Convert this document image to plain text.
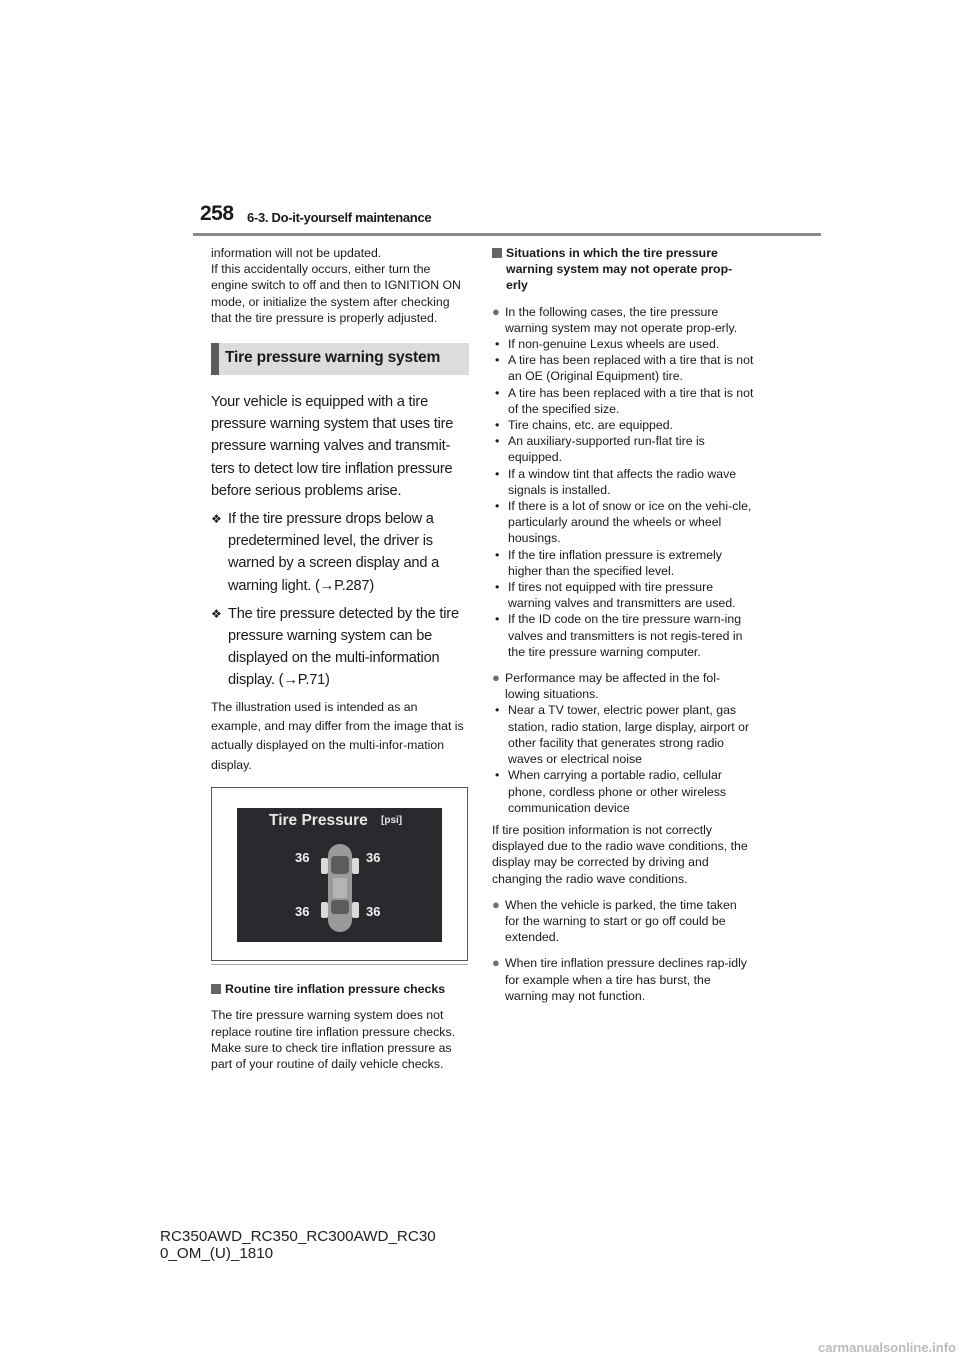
258 6-3. Do-it-yourself maintenance

information will not be updated.

If this accidentally occurs, either turn the engine switch to off and then to IGNITION ON mode, or initialize the system after checking that the tire pressure is properly adjusted.

Tire pressure warning system

Your vehicle is equipped with a tire pressure warning system that uses tire pressure warning valves and transmit-ters to detect low tire inflation pressure before serious problems arise.

❖ If the tire pressure drops below a predetermined level, the driver is warned by a screen display and a warning light. (→P.287)
❖ The tire pressure detected by the tire pressure warning system can be displayed on the multi-information display. (→P.71)

The illustration used is intended as an example, and may differ from the image that is actually displayed on the multi-infor-mation display.

Tire Pressure [psi]
36	36
36	36
Routine tire inflation pressure checks

The tire pressure warning system does not replace routine tire inflation pressure checks. Make sure to check tire inflation pressure as part of your routine of daily vehicle checks.

Situations in which the tire pressure warning system may not operate prop-erly
● In the following cases, the tire pressure warning system may not operate prop-erly.
• If non-genuine Lexus wheels are used.
• A tire has been replaced with a tire that is not an OE (Original Equipment) tire.
• A tire has been replaced with a tire that is not of the specified size.
• Tire chains, etc. are equipped.
• An auxiliary-supported run-flat tire is equipped.
• If a window tint that affects the radio wave signals is installed.
• If there is a lot of snow or ice on the vehi-cle, particularly around the wheels or wheel housings.
• If the tire inflation pressure is extremely higher than the specified level.
• If tires not equipped with tire pressure warning valves and transmitters are used.
• If the ID code on the tire pressure warn-ing valves and transmitters is not regis-tered in the tire pressure warning computer.
● Performance may be affected in the fol-lowing situations.
• Near a TV tower, electric power plant, gas station, radio station, large display, airport or other facility that generates strong radio waves or electrical noise
• When carrying a portable radio, cellular phone, cordless phone or other wireless communication device

If tire position information is not correctly displayed due to the radio wave conditions, the display may be corrected by driving and changing the radio wave conditions.

● When the vehicle is parked, the time taken for the warning to start or go off could be extended.
● When tire inflation pressure declines rap-idly for example when a tire has burst, the warning may not function.
RC350AWD_RC350_RC300AWD_RC30
0_OM_(U)_1810
carmanualsonline.info
